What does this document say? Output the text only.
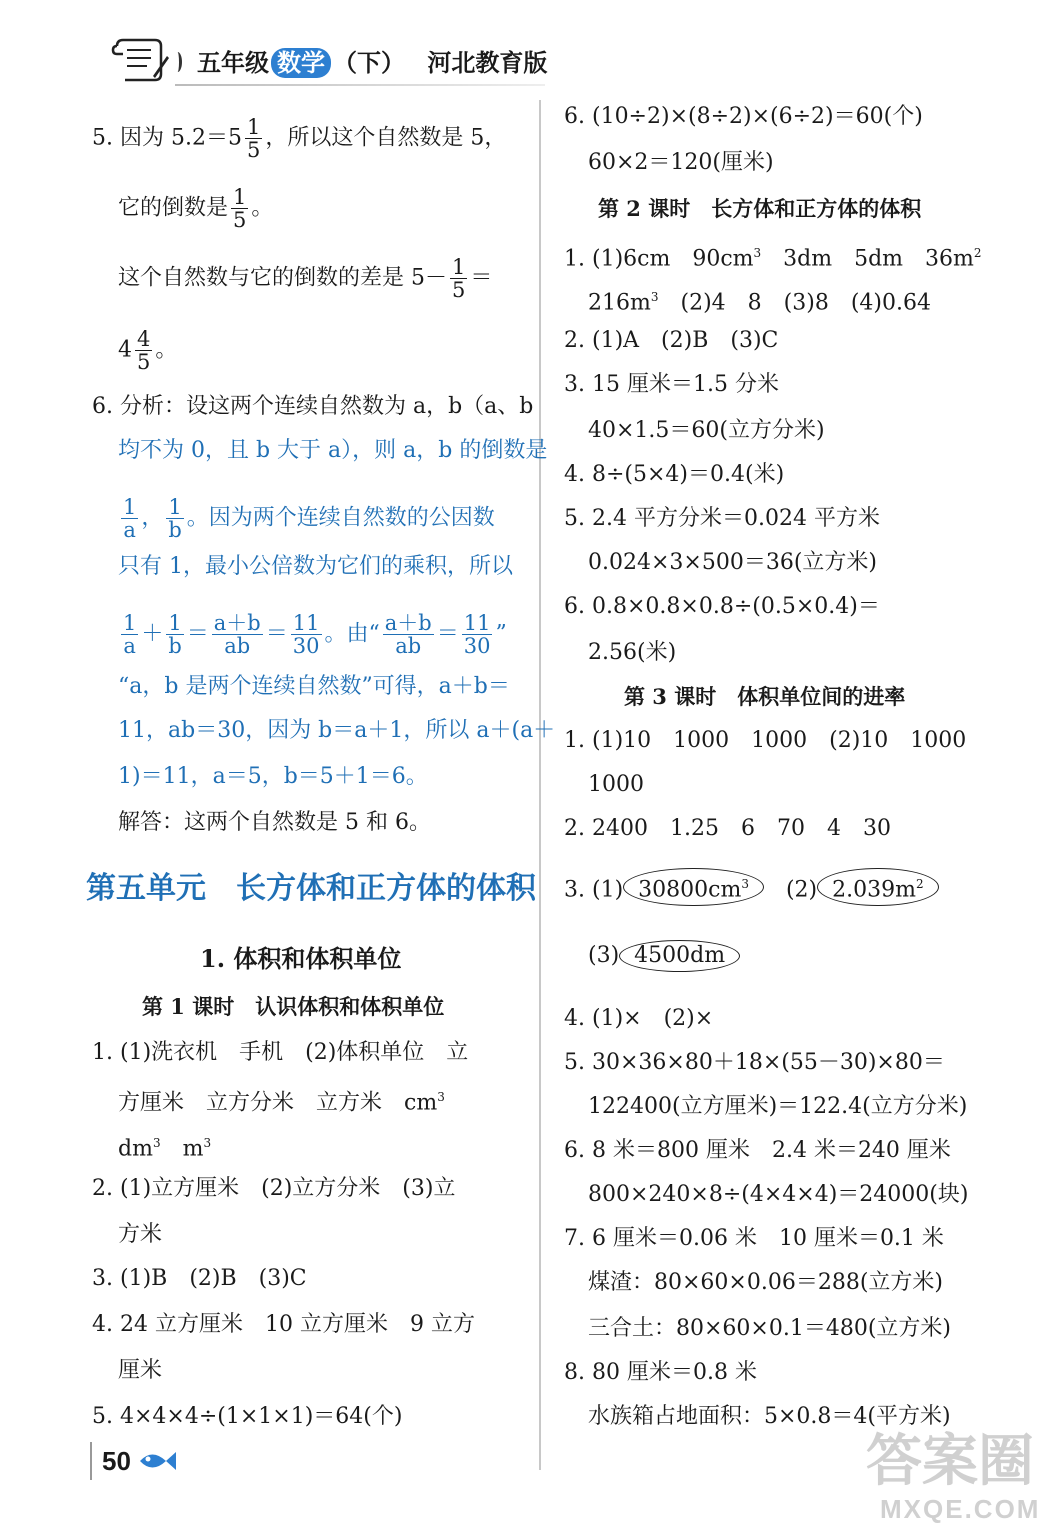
五年级 数学 （下） 河北教育版
5. 因为 $5.2=5 \frac{1}{5}$ ，所以这个自然数是 5，
它的倒数是 $\frac{1}{5}$ 。
这个自然数与它的倒数的差是 $5- \frac{1}{5}$ ＝
$4 \frac{4}{5}$ 。
6. 分析：设这两个连续自然数为 a，b（a、b
均不为 0，且 b 大于 a），则 a，b 的倒数是
$\frac{1}{a}$ ， $\frac{1}{b}$ 。因为两个连续自然数的公因数
只有 1，最小公倍数为它们的乘积，所以
$\frac{1}{a} + \frac{1}{b} = \frac{a+b}{ab} = \frac{11}{30}$ 。由“ $\frac{a+b}{ab} = \frac{11}{30}$ ”
“a，b 是两个连续自然数”可得，a＋b＝
11，ab＝30，因为 b＝a＋1，所以 a＋(a＋
1)＝11，a＝5，b＝5＋1＝6。
解答：这两个自然数是 5 和 6。
第五单元　长方体和正方体的体积
1. 体积和体积单位
第 1 课时　认识体积和体积单位
1. (1)洗衣机　手机　(2)体积单位　立
方厘米　立方分米　立方米　$cm^3$
$dm^3$　$m^3$
2. (1)立方厘米　(2)立方分米　(3)立
方米
3. (1)B　(2)B　(3)C
4. 24 立方厘米　10 立方厘米　9 立方
厘米
5. 4×4×4÷(1×1×1)＝64(个)
50
6. (10÷2)×(8÷2)×(6÷2)＝60(个)
60×2＝120(厘米)
第 2 课时　长方体和正方体的体积
1. (1)6cm　$90cm^3$　3dm　5dm　$36m^2$
$216m^3$　(2)4　8　(3)8　(4)0.64
2. (1)A　(2)B　(3)C
3. 15 厘米＝1.5 分米
40×1.5＝60(立方分米)
4. 8÷(5×4)＝0.4(米)
5. 2.4 平方分米＝0.024 平方米
0.024×3×500＝36(立方米)
6. 0.8×0.8×0.8÷(0.5×0.4)＝
2.56(米)
第 3 课时　体积单位间的进率
1. (1)10　1000　1000　(2)10　1000
1000
2. 2400　1.25　6　70　4　30
3. (1) $30800cm^3$　(2) $2.039m^2$
(3) 4500dm
4. (1)×　(2)×
5. 30×36×80＋18×(55－30)×80＝
122400(立方厘米)＝122.4(立方分米)
6. 8 米＝800 厘米　2.4 米＝240 厘米
800×240×8÷(4×4×4)＝24000(块)
7. 6 厘米＝0.06 米　10 厘米＝0.1 米
煤渣：80×60×0.06＝288(立方米)
三合土：80×60×0.1＝480(立方米)
8. 80 厘米＝0.8 米
水族箱占地面积：5×0.8＝4(平方米)
答案圈
MXQE.COM
